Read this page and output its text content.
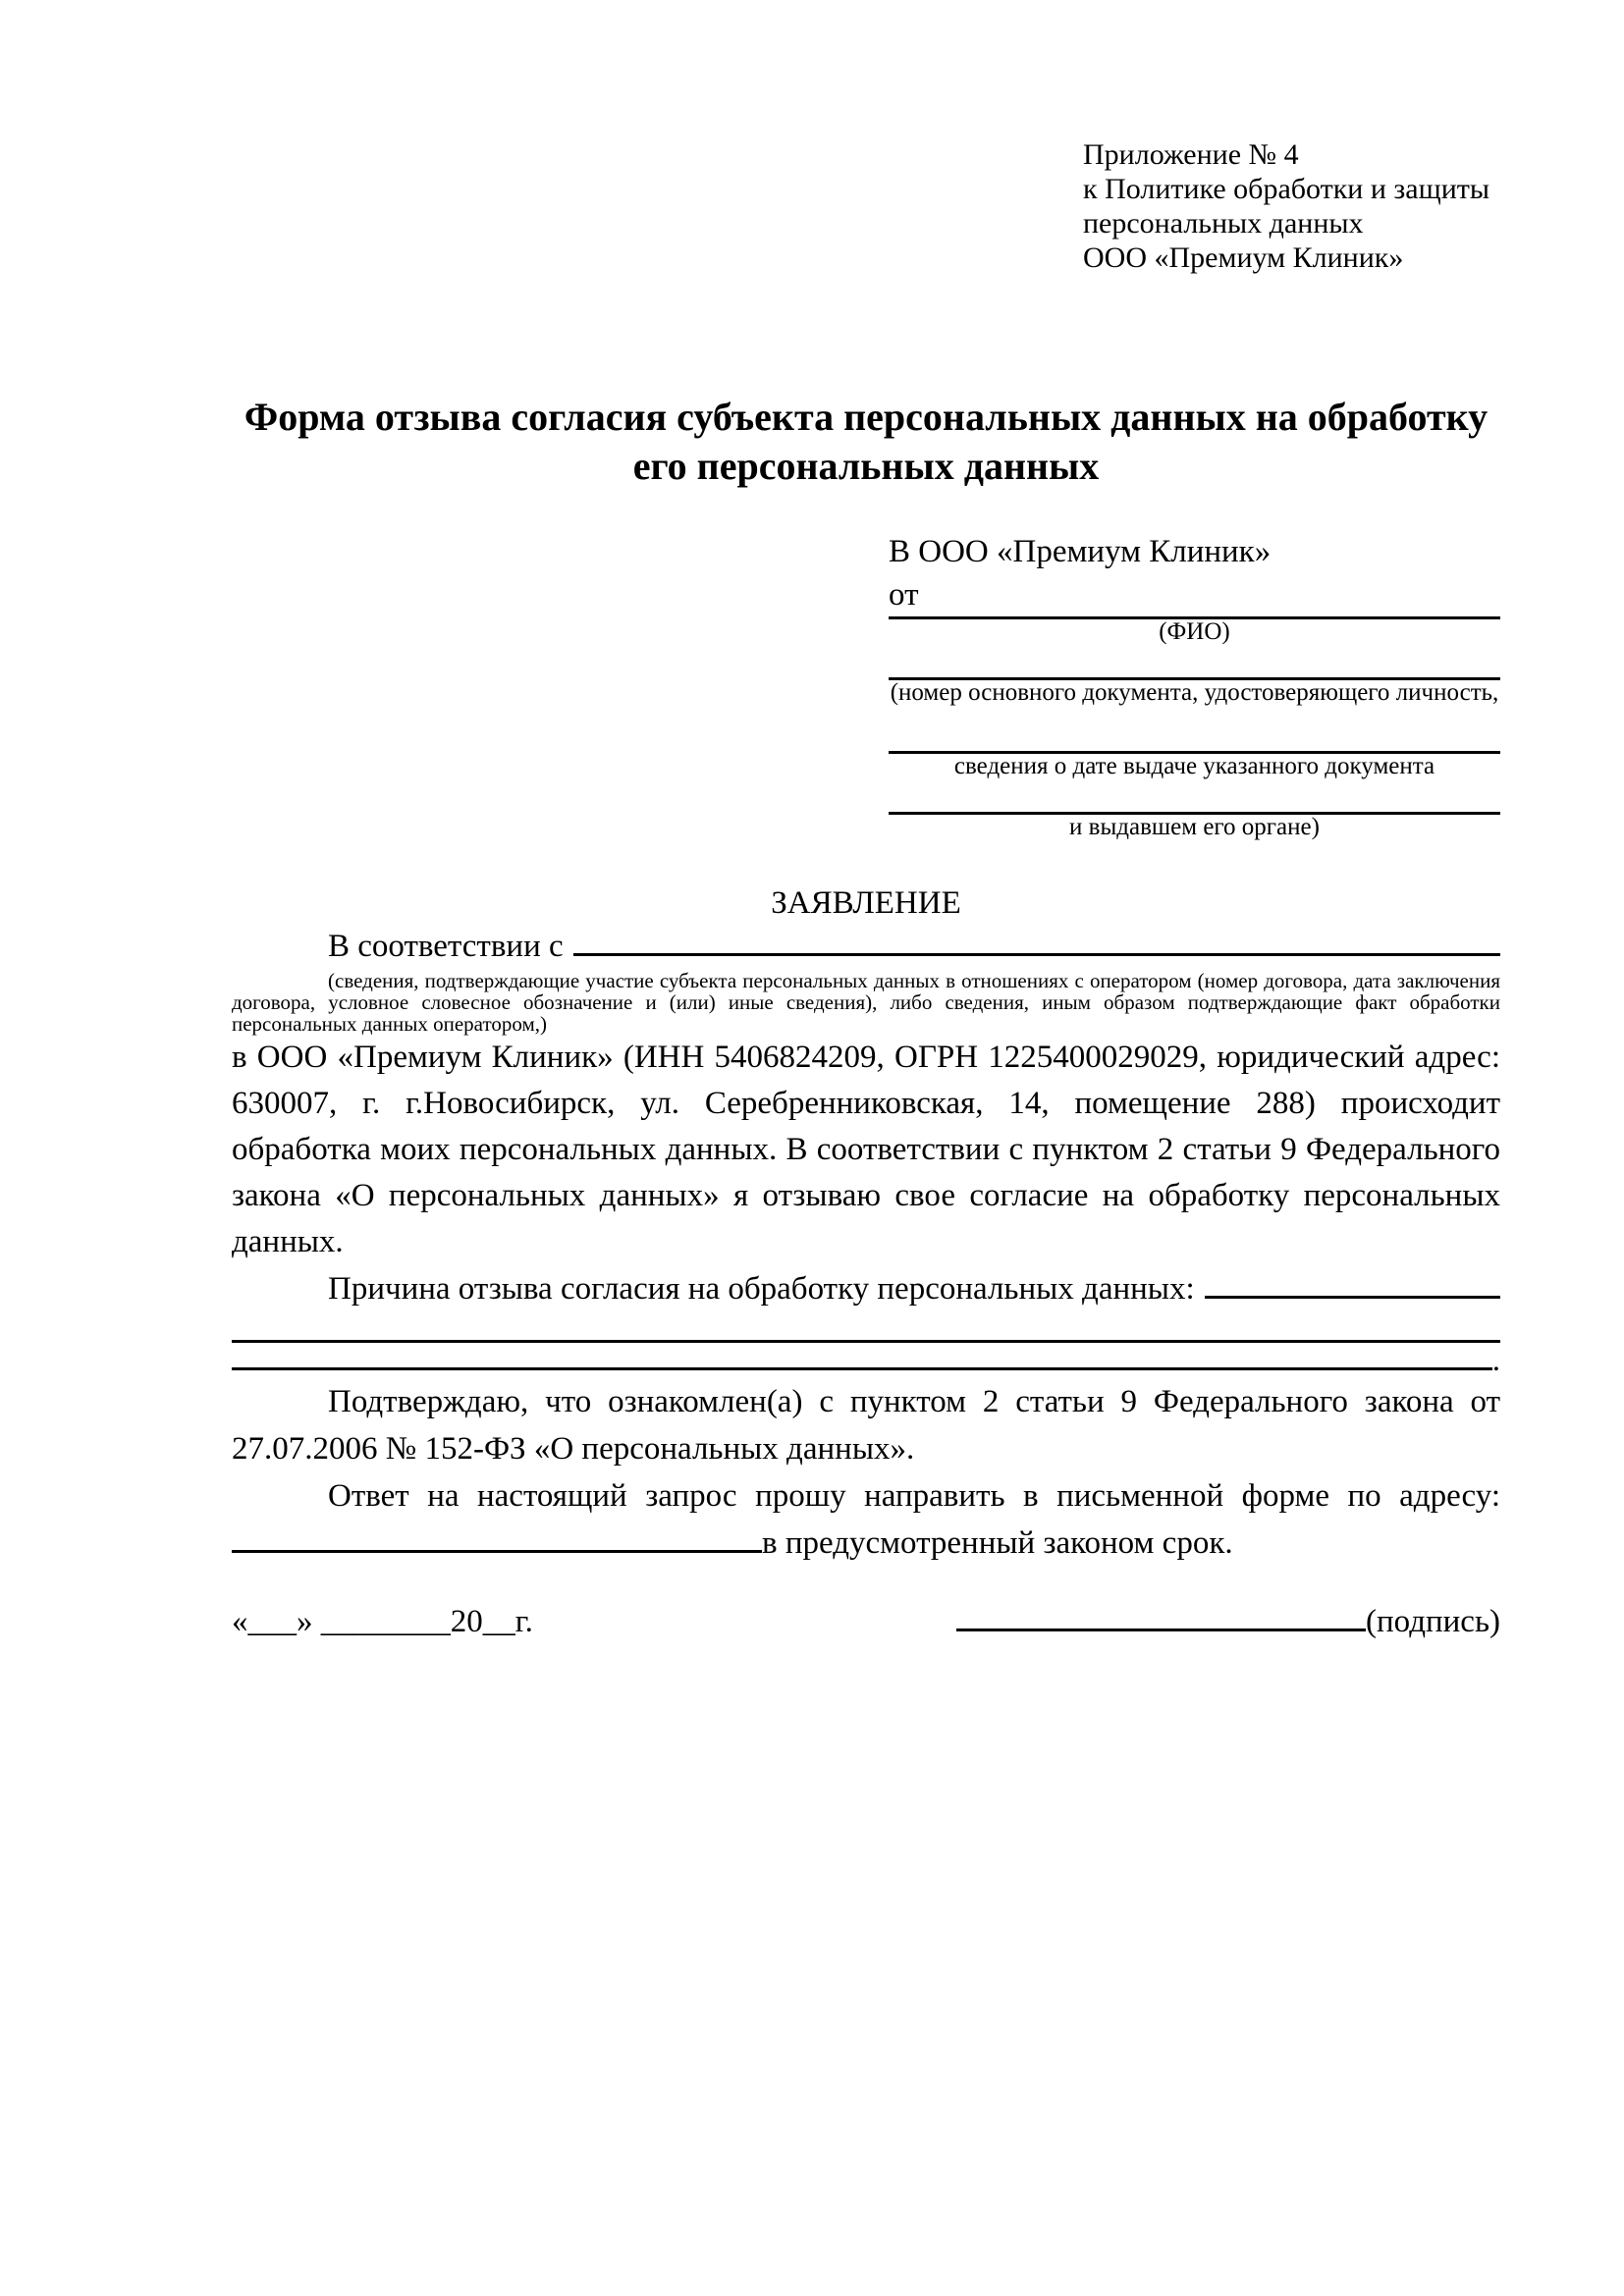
Приложение № 4
к Политике обработки и защиты
персональных данных
ООО «Премиум Клиник»
Форма отзыва согласия субъекта персональных данных на обработку его персональных данных
В ООО «Премиум Клиник»
от
(ФИО)
(номер основного документа, удостоверяющего личность,
сведения о дате выдаче указанного документа
и выдавшем его органе)
ЗАЯВЛЕНИЕ
В соответствии с
(сведения, подтверждающие участие субъекта персональных данных в отношениях с оператором (номер договора, дата заключения договора, условное словесное обозначение и (или) иные сведения), либо сведения, иным образом подтверждающие факт обработки персональных данных оператором,)
в ООО «Премиум Клиник» (ИНН 5406824209, ОГРН 1225400029029, юридический адрес: 630007, г. г.Новосибирск, ул. Серебренниковская, 14, помещение 288) происходит обработка моих персональных данных. В соответствии с пунктом 2 статьи 9 Федерального закона «О персональных данных» я отзываю свое согласие на обработку персональных данных.
Причина отзыва согласия на обработку персональных данных:
.
Подтверждаю, что ознакомлен(а) с пунктом 2 статьи 9 Федерального закона от 27.07.2006 № 152-ФЗ «О персональных данных».
Ответ на настоящий запрос прошу направить в письменной форме по адресу: в предусмотренный законом срок.
«___» ________20__г.	(подпись)
